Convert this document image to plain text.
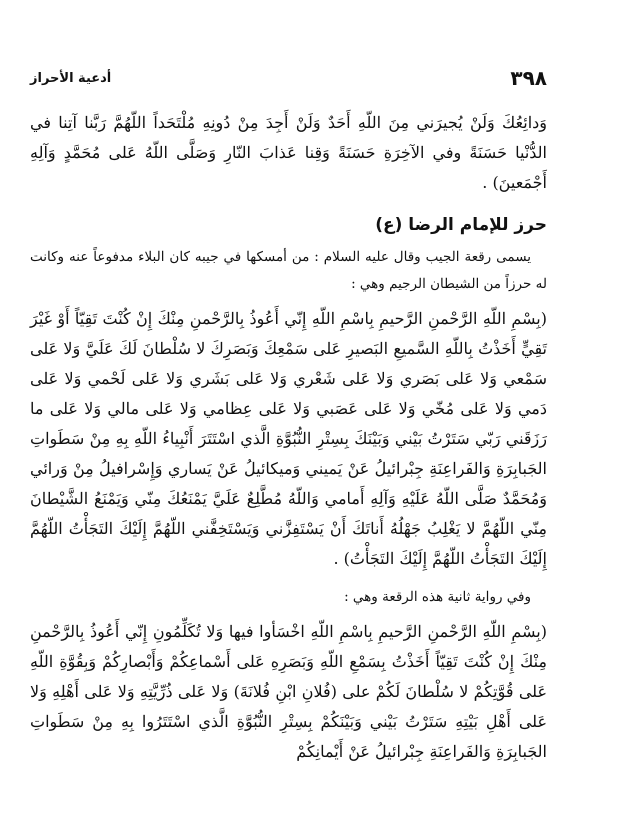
٣٩٨
أدعية الأحراز

وَدائِعُكَ وَلَنْ يُجيرَني مِنَ اللّهِ أَحَدٌ وَلَنْ أَجِدَ مِنْ دُونِهِ مُلْتَحَداً اللّهُمَّ رَبَّنا آتِنا في الدُّنْيا حَسَنَةً وفي الآخِرَةِ حَسَنَةً وَقِنا عَذابَ النّارِ وَصَلَّى اللّهُ عَلى مُحَمَّدٍ وَآلِهِ أَجْمَعينَ) .

حرز للإمام الرضا (ع)

يسمى رقعة الجيب وقال عليه السلام : من أمسكها في جيبه كان البلاء مدفوعاً عنه وكانت له حرزاً من الشيطان الرجيم وهي :

(بِسْمِ اللّهِ الرَّحْمنِ الرَّحيمِ بِاسْمِ اللّهِ إِنّي أَعُوذُ بِالرَّحْمنِ مِنْكَ إِنْ كُنْتَ تَقِيّاً أَوْ غَيْرَ تَقِيٍّ أَخَذْتُ بِاللّهِ السَّميعِ البَصيرِ عَلى سَمْعِكَ وَبَصَرِكَ لا سُلْطانَ لَكَ عَلَيَّ وَلا عَلى سَمْعي وَلا عَلى بَصَري وَلا عَلى شَعْري وَلا عَلى بَشَري وَلا عَلى لَحْمي وَلا عَلى دَمي وَلا عَلى مُخّي وَلا عَلى عَصَبي وَلا عَلى عِظامي وَلا عَلى مالي وَلا عَلى ما رَزَقَني رَبّي سَتَرْتُ بَيْني وَبَيْنَكَ بِسِتْرِ النُّبُوَّةِ الَّذي اسْتَتَرَ أَنْبِياءُ اللّهِ بِهِ مِنْ سَطَواتِ الجَبابِرَةِ وَالفَراعِنَةِ جِبْرائيلُ عَنْ يَميني وَميكائيلُ عَنْ يَساري وَإِسْرافيلُ مِنْ وَرائي وَمُحَمَّدٌ صَلَّى اللّهُ عَلَيْهِ وَآلِهِ أَمامي وَاللّهُ مُطَّلِعٌ عَلَيَّ يَمْنَعُكَ مِنّي وَيَمْنَعُ الشَّيْطانَ مِنّي اللّهُمَّ لا يَغْلِبُ جَهْلُهُ أَناتَكَ أَنْ يَسْتَفِزَّني وَيَسْتَخِفَّني اللّهُمَّ إِلَيْكَ التَجَأْتُ اللّهُمَّ إِلَيْكَ التَجَأْتُ اللّهُمَّ إِلَيْكَ التَجَأْتُ) .

وفي رواية ثانية هذه الرقعة وهي :

(بِسْمِ اللّهِ الرَّحْمنِ الرَّحيمِ بِاسْمِ اللّهِ اخْسَأوا فيها وَلا تُكَلِّمُونِ إِنّي أَعُوذُ بِالرَّحْمنِ مِنْكَ إِنْ كُنْتَ تَقِيّاً أَخَذْتُ بِسَمْعِ اللّهِ وَبَصَرِهِ عَلى أَسْماعِكُمْ وَأَبْصارِكُمْ وَبِقُوَّةِ اللّهِ عَلى قُوَّتِكُمْ لا سُلْطانَ لَكُمْ على (فُلانِ ابْنِ فُلانَةَ) وَلا عَلى ذُرِّيَّتِهِ وَلا عَلى أَهْلِهِ وَلا عَلى أَهْلِ بَيْتِهِ سَتَرْتُ بَيْني وَبَيْنَكُمْ بِسِتْرِ النُّبُوَّةِ الَّذي اسْتَتَرُوا بِهِ مِنْ سَطَواتِ الجَبابِرَةِ وَالفَراعِنَةِ جِبْرائيلُ عَنْ أَيْمانِكُمْ
